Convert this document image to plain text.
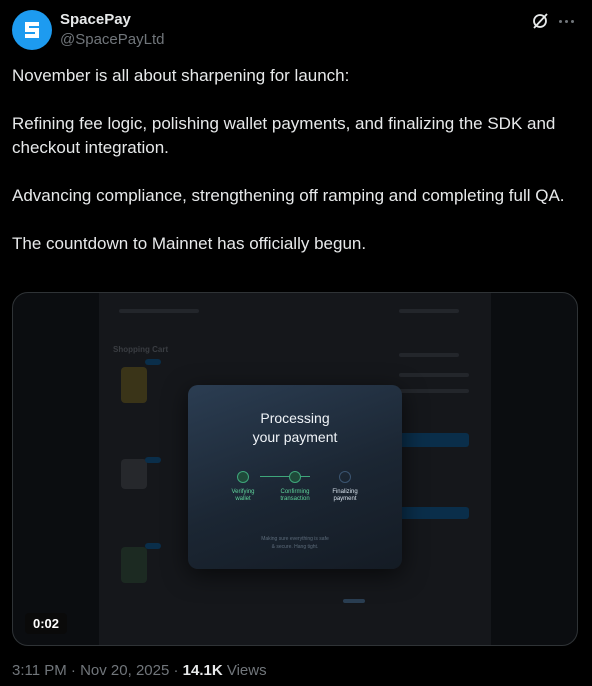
SpacePay
@SpacePayLtd

November is all about sharpening for launch:

Refining fee logic, polishing wallet payments, and finalizing the SDK and checkout integration.

Advancing compliance, strengthening off ramping and completing full QA.

The countdown to Mainnet has officially begun.

Shopping Cart
Processing
your payment
Verifying
wallet
Confirming
transaction
Finalizing
payment
Making sure everything is safe
& secure. Hang tight.
0:02
3:11 PM · Nov 20, 2025 · 14.1K Views
